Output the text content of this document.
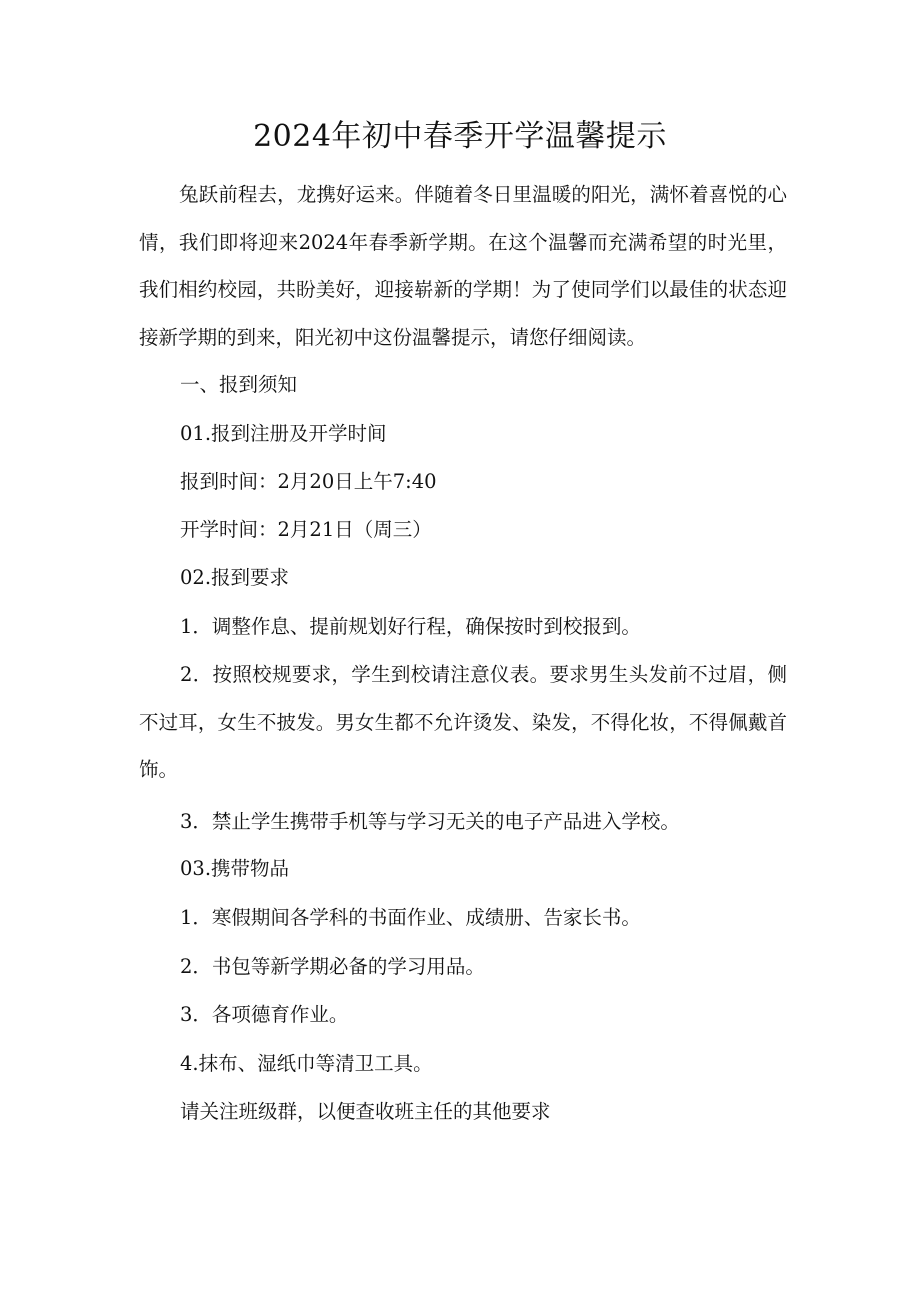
2024年初中春季开学温馨提示

兔跃前程去，龙携好运来。伴随着冬日里温暖的阳光，满怀着喜悦的心情，我们即将迎来2024年春季新学期。在这个温馨而充满希望的时光里，我们相约校园，共盼美好，迎接崭新的学期！为了使同学们以最佳的状态迎接新学期的到来，阳光初中这份温馨提示，请您仔细阅读。

一、报到须知

01.报到注册及开学时间

报到时间：2月20日上午7:40

开学时间：2月21日（周三）

02.报到要求

1．调整作息、提前规划好行程，确保按时到校报到。

2．按照校规要求，学生到校请注意仪表。要求男生头发前不过眉，侧不过耳，女生不披发。男女生都不允许烫发、染发，不得化妆，不得佩戴首饰。

3．禁止学生携带手机等与学习无关的电子产品进入学校。

03.携带物品

1．寒假期间各学科的书面作业、成绩册、告家长书。

2．书包等新学期必备的学习用品。

3．各项德育作业。

4.抹布、湿纸巾等清卫工具。

请关注班级群，以便查收班主任的其他要求
